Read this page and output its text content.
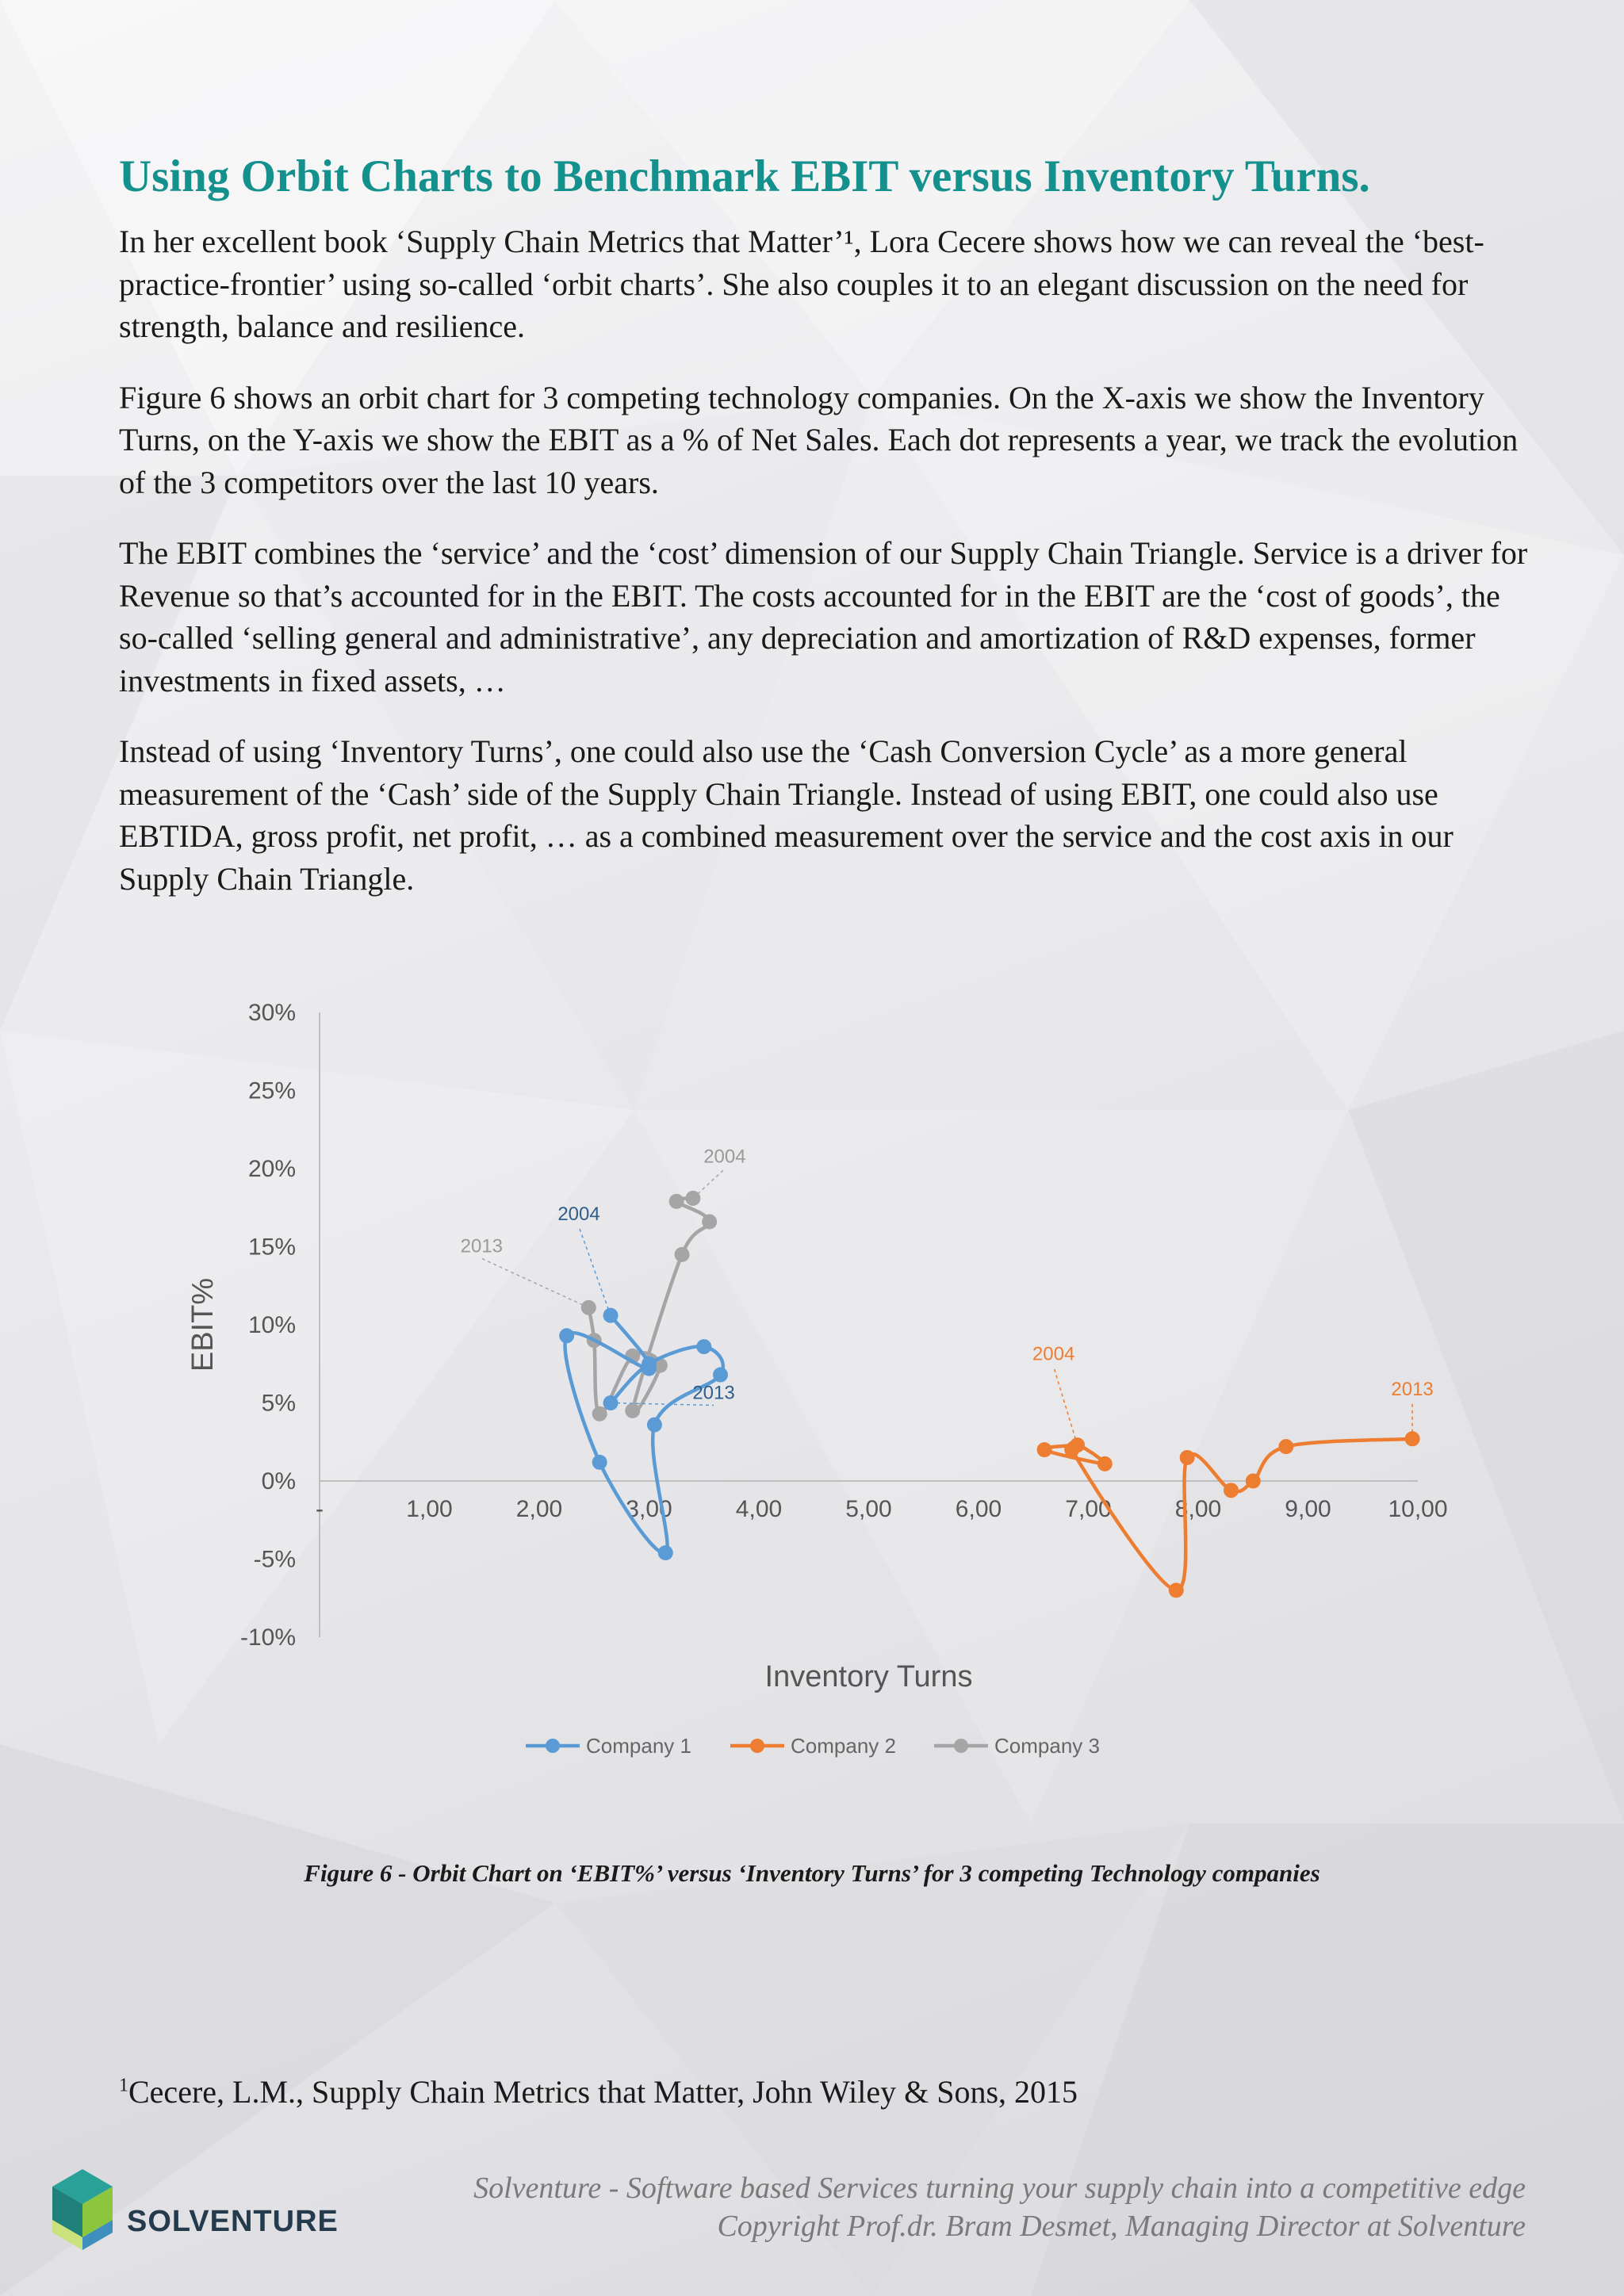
Using Orbit Charts to Benchmark EBIT versus Inventory Turns.

In her excellent book ‘Supply Chain Metrics that Matter’¹, Lora Cecere shows how we can reveal the ‘best-practice-frontier’ using so-called ‘orbit charts’. She also couples it to an elegant discussion on the need for strength, balance and resilience.

Figure 6 shows an orbit chart for 3 competing technology companies. On the X-axis we show the Inventory Turns, on the Y-axis we show the EBIT as a % of Net Sales. Each dot represents a year, we track the evolution of the 3 competitors over the last 10 years.

The EBIT combines the ‘service’ and the ‘cost’ dimension of our Supply Chain Triangle. Service is a driver for Revenue so that’s accounted for in the EBIT. The costs accounted for in the EBIT are the ‘cost of goods’, the so-called ‘selling general and administrative’, any depreciation and amortization of R&D expenses, former investments in fixed assets, …

Instead of using ‘Inventory Turns’, one could also use the ‘Cash Conversion Cycle’ as a more general measurement of the ‘Cash’ side of the Supply Chain Triangle. Instead of using EBIT, one could also use EBTIDA, gross profit, net profit, … as a combined measurement over the service and the cost axis in our Supply Chain Triangle.

30%
25%
20%
15%
10%
5%
0%
-5%
-10%
-	1,00	2,00	3,00	4,00	5,00	6,00	7,00	8,00	9,00 10,00
Inventory Turns
EBIT%
2004
2013
2004
2013
2004
2013
Company 1	Company 2	Company 3

Figure 6 - Orbit Chart on ‘EBIT%’ versus ‘Inventory Turns’ for 3 competing Technology companies

$^1$Cecere, L.M., Supply Chain Metrics that Matter, John Wiley & Sons, 2015

SOLVENTURE

Solventure - Software based Services turning your supply chain into a competitive edge

Copyright Prof.dr. Bram Desmet, Managing Director at Solventure
